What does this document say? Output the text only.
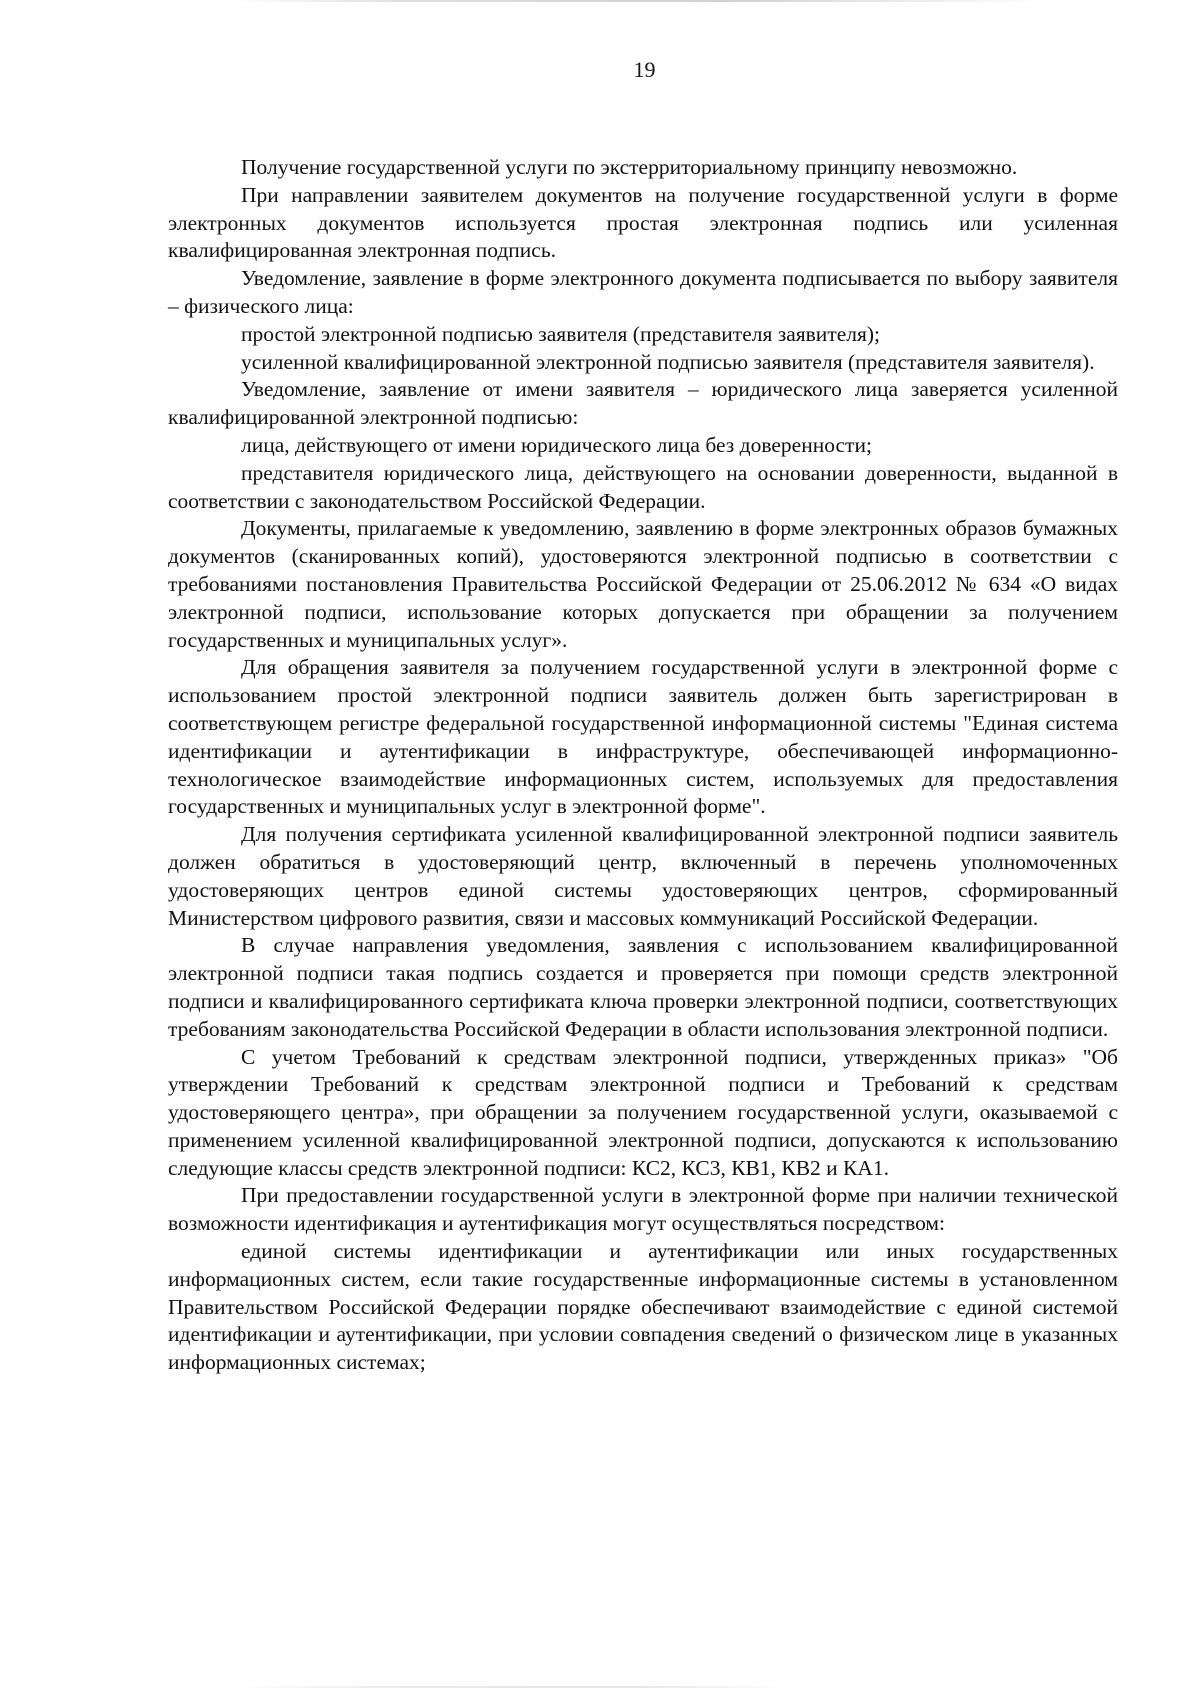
19

Получение государственной услуги по экстерриториальному принципу невозможно.

При направлении заявителем документов на получение государственной услуги в форме электронных документов используется простая электронная подпись или усиленная квалифицированная электронная подпись.

Уведомление, заявление в форме электронного документа подписывается по выбору заявителя – физического лица:

простой электронной подписью заявителя (представителя заявителя);

усиленной квалифицированной электронной подписью заявителя (представителя заявителя).

Уведомление, заявление от имени заявителя – юридического лица заверяется усиленной квалифицированной электронной подписью:

лица, действующего от имени юридического лица без доверенности;

представителя юридического лица, действующего на основании доверенности, выданной в соответствии с законодательством Российской Федерации.

Документы, прилагаемые к уведомлению, заявлению в форме электронных образов бумажных документов (сканированных копий), удостоверяются электронной подписью в соответствии с требованиями постановления Правительства Российской Федерации от 25.06.2012 № 634 «О видах электронной подписи, использование которых допускается при обращении за получением государственных и муниципальных услуг».

Для обращения заявителя за получением государственной услуги в электронной форме с использованием простой электронной подписи заявитель должен быть зарегистрирован в соответствующем регистре федеральной государственной информационной системы "Единая система идентификации и аутентификации в инфраструктуре, обеспечивающей информационно-технологическое взаимодействие информационных систем, используемых для предоставления государственных и муниципальных услуг в электронной форме".

Для получения сертификата усиленной квалифицированной электронной подписи заявитель должен обратиться в удостоверяющий центр, включенный в перечень уполномоченных удостоверяющих центров единой системы удостоверяющих центров, сформированный Министерством цифрового развития, связи и массовых коммуникаций Российской Федерации.

В случае направления уведомления, заявления с использованием квалифицированной электронной подписи такая подпись создается и проверяется при помощи средств электронной подписи и квалифицированного сертификата ключа проверки электронной подписи, соответствующих требованиям законодательства Российской Федерации в области использования электронной подписи.

С учетом Требований к средствам электронной подписи, утвержденных приказ» "Об утверждении Требований к средствам электронной подписи и Требований к средствам удостоверяющего центра», при обращении за получением государственной услуги, оказываемой с применением усиленной квалифицированной электронной подписи, допускаются к использованию следующие классы средств электронной подписи: КС2, КС3, КВ1, КВ2 и КА1.

При предоставлении государственной услуги в электронной форме при наличии технической возможности идентификация и аутентификация могут осуществляться посредством:

единой системы идентификации и аутентификации или иных государственных информационных систем, если такие государственные информационные системы в установленном Правительством Российской Федерации порядке обеспечивают взаимодействие с единой системой идентификации и аутентификации, при условии совпадения сведений о физическом лице в указанных информационных системах;
